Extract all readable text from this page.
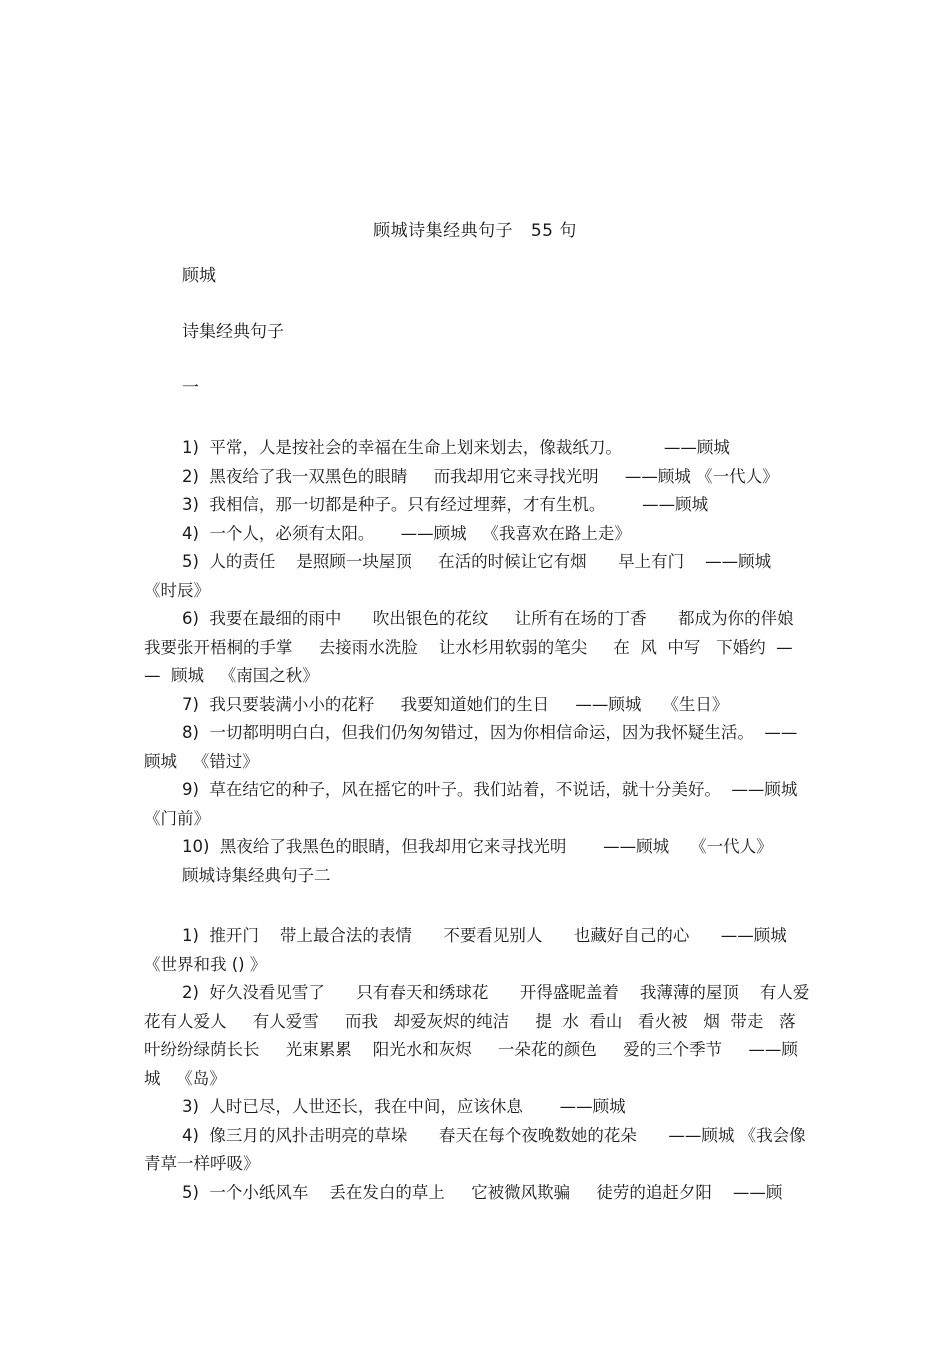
顾城诗集经典句子   55 句
顾城
诗集经典句子
一

1)  平常，人是按社会的幸福在生命上划来划去，像裁纸刀。        ——顾城

2)  黑夜给了我一双黑色的眼睛     而我却用它来寻找光明     ——顾城 《一代人》

3)  我相信，那一切都是种子。只有经过埋葬，才有生机。       ——顾城

4)  一个人，必须有太阳。     ——顾城   《我喜欢在路上走》

5)  人的责任    是照顾一块屋顶     在活的时候让它有烟      早上有门    ——顾城  《时辰》

6)  我要在最细的雨中      吹出银色的花纹     让所有在场的丁香      都成为你的伴娘  我要张开梧桐的手掌     去接雨水洗脸    让水杉用软弱的笔尖     在  风  中写   下婚约  —  —  顾城   《南国之秋》

7)  我只要装满小小的花籽     我要知道她们的生日     ——顾城    《生日》

8)  一切都明明白白，但我们仍匆匆错过，因为你相信命运，因为我怀疑生活。  ——顾城   《错过》

9)  草在结它的种子，风在摇它的叶子。我们站着，不说话，就十分美好。  ——顾城    《门前》

10)  黑夜给了我黑色的眼睛，但我却用它来寻找光明       ——顾城    《一代人》

顾城诗集经典句子二

1)  推开门    带上最合法的表情      不要看见别人      也藏好自己的心      ——顾城  《世界和我 () 》

2)  好久没看见雪了      只有春天和绣球花      开得盛昵盖着    我薄薄的屋顶    有人爱花有人爱人     有人爱雪     而我   却爱灰烬的纯洁     提  水  看山   看火被   烟  带走   落叶纷纷绿荫长长     光束累累    阳光水和灰烬     一朵花的颜色     爱的三个季节     ——顾城   《岛》

3)  人时已尽，人世还长，我在中间，应该休息       ——顾城

4)  像三月的风扑击明亮的草垛      春天在每个夜晚数她的花朵      ——顾城 《我会像青草一样呼吸》

5)  一个小纸风车    丢在发白的草上     它被微风欺骗     徒劳的追赶夕阳    ——顾
